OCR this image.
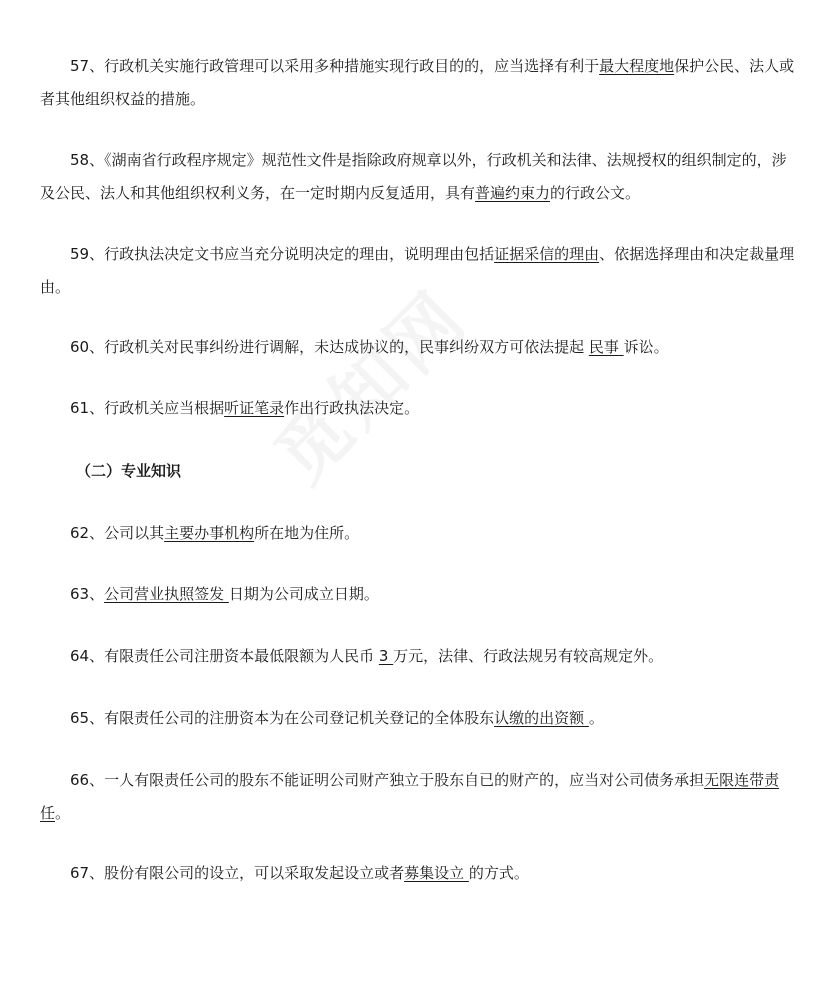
57、行政机关实施行政管理可以采用多种措施实现行政目的的，应当选择有利于最大程度地保护公民、法人或者其他组织权益的措施。

58、《湖南省行政程序规定》规范性文件是指除政府规章以外，行政机关和法律、法规授权的组织制定的，涉及公民、法人和其他组织权利义务，在一定时期内反复适用，具有普遍约束力的行政公文。

59、行政执法决定文书应当充分说明决定的理由，说明理由包括证据采信的理由、依据选择理由和决定裁量理由。

60、行政机关对民事纠纷进行调解，未达成协议的，民事纠纷双方可依法提起 民事 诉讼。

61、行政机关应当根据听证笔录作出行政执法决定。

（二）专业知识

62、公司以其主要办事机构所在地为住所。

63、公司营业执照签发 日期为公司成立日期。

64、有限责任公司注册资本最低限额为人民币 3 万元，法律、行政法规另有较高规定外。

65、有限责任公司的注册资本为在公司登记机关登记的全体股东认缴的出资额 。

66、一人有限责任公司的股东不能证明公司财产独立于股东自已的财产的，应当对公司债务承担无限连带责任。

67、股份有限公司的设立，可以采取发起设立或者募集设立 的方式。
